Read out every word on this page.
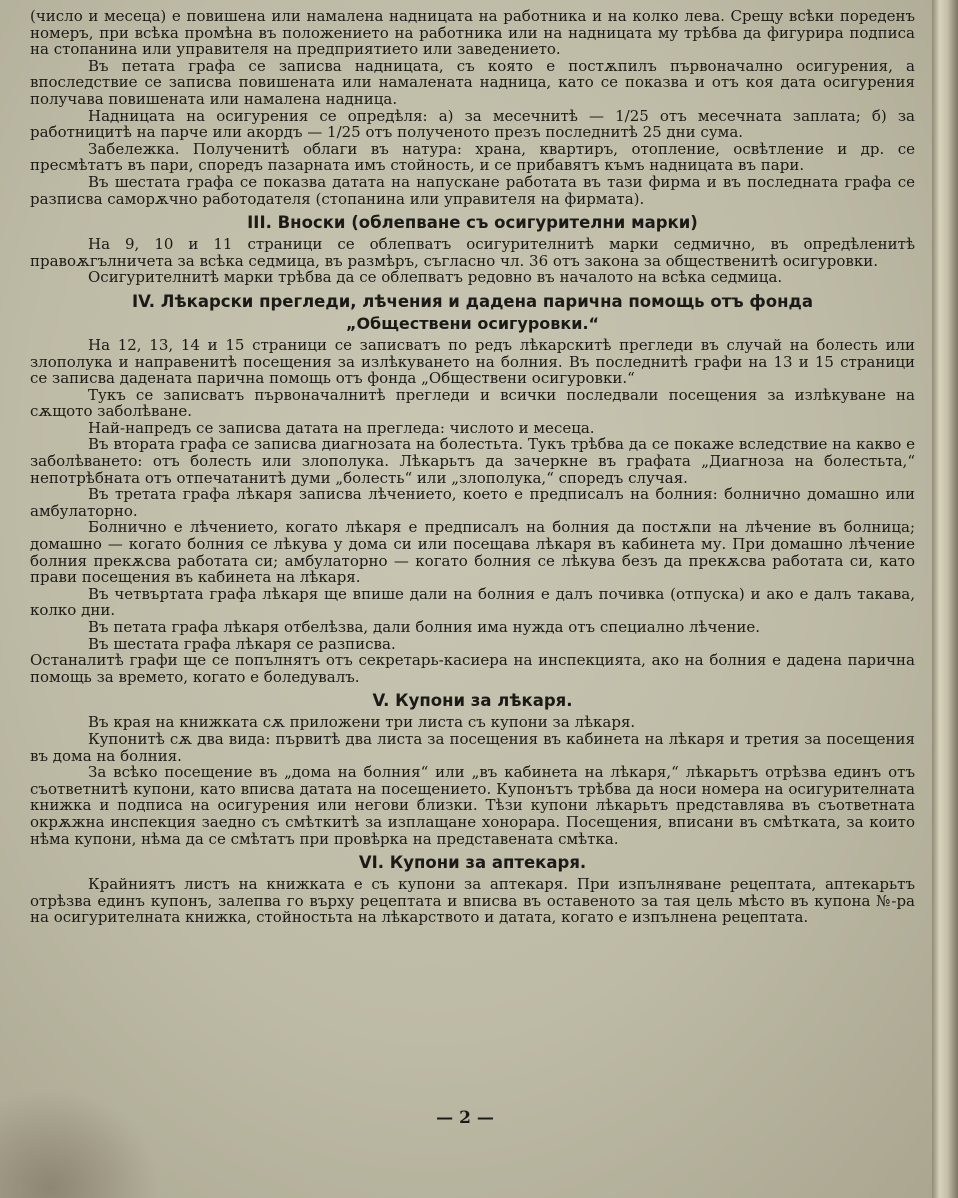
(число и месеца) е повишена или намалена надницата на работника и на колко лева. Срещу всѣки пореденъ номеръ, при всѣка промѣна въ положението на работника или на надницата му трѣбва да фигурира подписа на стопанина или управителя на предприятието или заведението.

Въ петата графа се записва надницата, съ която е постѫпилъ първоначално осигурения, а впоследствие се записва повишената или намалената надница, като се показва и отъ коя дата осигурения получава повишената или намалена надница.

Надницата на осигурения се опредѣля: а) за месечнитѣ — 1/25 отъ месечната заплата; б) за работницитѣ на парче или акордъ — 1/25 отъ полученото презъ последнитѣ 25 дни сума.

Забележка. Полученитѣ облаги въ натура: храна, квартиръ, отопление, освѣтление и др. се пресмѣтатъ въ пари, споредъ пазарната имъ стойность, и се прибавятъ къмъ надницата въ пари.

Въ шестата графа се показва датата на напускане работата въ тази фирма и въ последната графа се разписва саморѫчно работодателя (стопанина или управителя на фирмата).

III. Вноски (облепване съ осигурителни марки)

На 9, 10 и 11 страници се облепватъ осигурителнитѣ марки седмично, въ опредѣленитѣ правоѫгълничета за всѣка седмица, въ размѣръ, съгласно чл. 36 отъ закона за общественитѣ осигуровки.

Осигурителнитѣ марки трѣбва да се облепватъ редовно въ началото на всѣка седмица.

IV. Лѣкарски прегледи, лѣчения и дадена парична помощь отъ фонда
„Обществени осигуровки.“

На 12, 13, 14 и 15 страници се записватъ по редъ лѣкарскитѣ прегледи въ случай на болесть или злополука и направенитѣ посещения за излѣкуването на болния. Въ последнитѣ графи на 13 и 15 страници се записва дадената парична помощь отъ фонда „Обществени осигуровки.“

Тукъ се записватъ първоначалнитѣ прегледи и всички последвали посещения за излѣкуване на сѫщото заболѣване.

Най-напредъ се записва датата на прегледа: числото и месеца.

Въ втората графа се записва диагнозата на болестьта. Тукъ трѣбва да се покаже вследствие на какво е заболѣването: отъ болесть или злополука. Лѣкарьтъ да зачеркне въ графата „Диагноза на болестьта,“ непотрѣбната отъ отпечатанитѣ думи „болесть“ или „злополука,“ споредъ случая.

Въ третата графа лѣкаря записва лѣчението, което е предписалъ на болния: болнично домашно или амбулаторно.

Болнично е лѣчението, когато лѣкаря е предписалъ на болния да постѫпи на лѣчение въ болница; домашно — когато болния се лѣкува у дома си или посещава лѣкаря въ кабинета му. При домашно лѣчение болния прекѫсва работата си; амбулаторно — когато болния се лѣкува безъ да прекѫсва работата си, като прави посещения въ кабинета на лѣкаря.

Въ четвъртата графа лѣкаря ще впише дали на болния е далъ почивка (отпуска) и ако е далъ такава, колко дни.

Въ петата графа лѣкаря отбелѣзва, дали болния има нужда отъ специално лѣчение.

Въ шестата графа лѣкаря се разписва.

Останалитѣ графи ще се попълнятъ отъ секретарь-касиера на инспекцията, ако на болния е дадена парична помощь за времето, когато е боледувалъ.

V. Купони за лѣкаря.

Въ края на книжката сѫ приложени три листа съ купони за лѣкаря.

Купонитѣ сѫ два вида: първитѣ два листа за посещения въ кабинета на лѣкаря и третия за посещения въ дома на болния.

За всѣко посещение въ „дома на болния“ или „въ кабинета на лѣкаря,“ лѣкарьтъ отрѣзва единъ отъ съответнитѣ купони, като вписва датата на посещението. Купонътъ трѣбва да носи номера на осигурителната книжка и подписа на осигурения или негови близки. Тѣзи купони лѣкарьтъ представлява въ съответната окрѫжна инспекция заедно съ смѣткитѣ за изплащане хонорара. Посещения, вписани въ смѣтката, за които нѣма купони, нѣма да се смѣтатъ при провѣрка на представената смѣтка.

VI. Купони за аптекаря.

Крайниятъ листъ на книжката е съ купони за аптекаря. При изпълняване рецептата, аптекарьтъ отрѣзва единъ купонъ, залепва го върху рецептата и вписва въ оставеното за тая цель мѣсто въ купона №-ра на осигурителната книжка, стойностьта на лѣкарството и датата, когато е изпълнена рецептата.

— 2 —
